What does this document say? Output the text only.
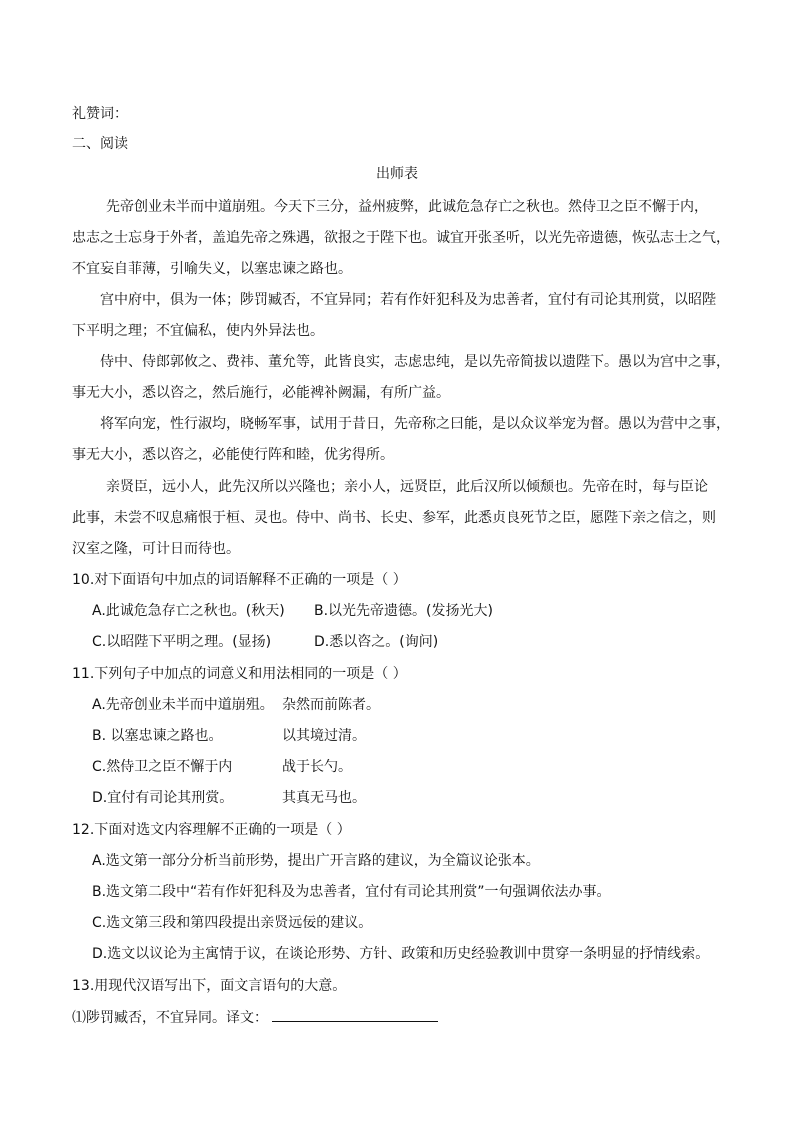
礼赞词：
二、阅读
出师表
先帝创业未半而中道崩殂。今天下三分，益州疲弊，此诚危急存亡之秋也。然侍卫之臣不懈于内，
忠志之士忘身于外者，盖追先帝之殊遇，欲报之于陛下也。诚宜开张圣听，以光先帝遗德，恢弘志士之气，
不宜妄自菲薄，引喻失义，以塞忠谏之路也。
宫中府中，俱为一体；陟罚臧否，不宜异同；若有作奸犯科及为忠善者，宜付有司论其刑赏，以昭陛
下平明之理；不宜偏私，使内外异法也。
侍中、侍郎郭攸之、费祎、董允等，此皆良实，志虑忠纯，是以先帝简拔以遗陛下。愚以为宫中之事，
事无大小，悉以咨之，然后施行，必能裨补阙漏，有所广益。
将军向宠，性行淑均，晓畅军事，试用于昔日，先帝称之曰能，是以众议举宠为督。愚以为营中之事，
事无大小，悉以咨之，必能使行阵和睦，优劣得所。
亲贤臣，远小人，此先汉所以兴隆也；亲小人，远贤臣，此后汉所以倾颓也。先帝在时，每与臣论
此事，未尝不叹息痛恨于桓、灵也。侍中、尚书、长史、参军，此悉贞良死节之臣，愿陛下亲之信之，则
汉室之隆，可计日而待也。
10.对下面语句中加点的词语解释不正确的一项是（ ）
A.此诚危急存亡之秋也。(秋天) B.以光先帝遗德。(发扬光大)
C.以昭陛下平明之理。(显扬)	D.悉以咨之。(询问)
11.下列句子中加点的词意义和用法相同的一项是（ ）
A.先帝创业未半而中道崩殂。 杂然而前陈者。
B. 以塞忠谏之路也。	以其境过清。
C.然侍卫之臣不懈于内	战于长勺。
D.宜付有司论其刑赏。	其真无马也。
12.下面对选文内容理解不正确的一项是（ ）
A.选文第一部分分析当前形势，提出广开言路的建议，为全篇议论张本。
B.选文第二段中“若有作奸犯科及为忠善者，宜付有司论其刑赏”一句强调依法办事。
C.选文第三段和第四段提出亲贤远佞的建议。
D.选文以议论为主寓情于议，在谈论形势、方针、政策和历史经验教训中贯穿一条明显的抒情线索。
13.用现代汉语写出下，面文言语句的大意。
⑴陟罚臧否，不宜异同。译文：
